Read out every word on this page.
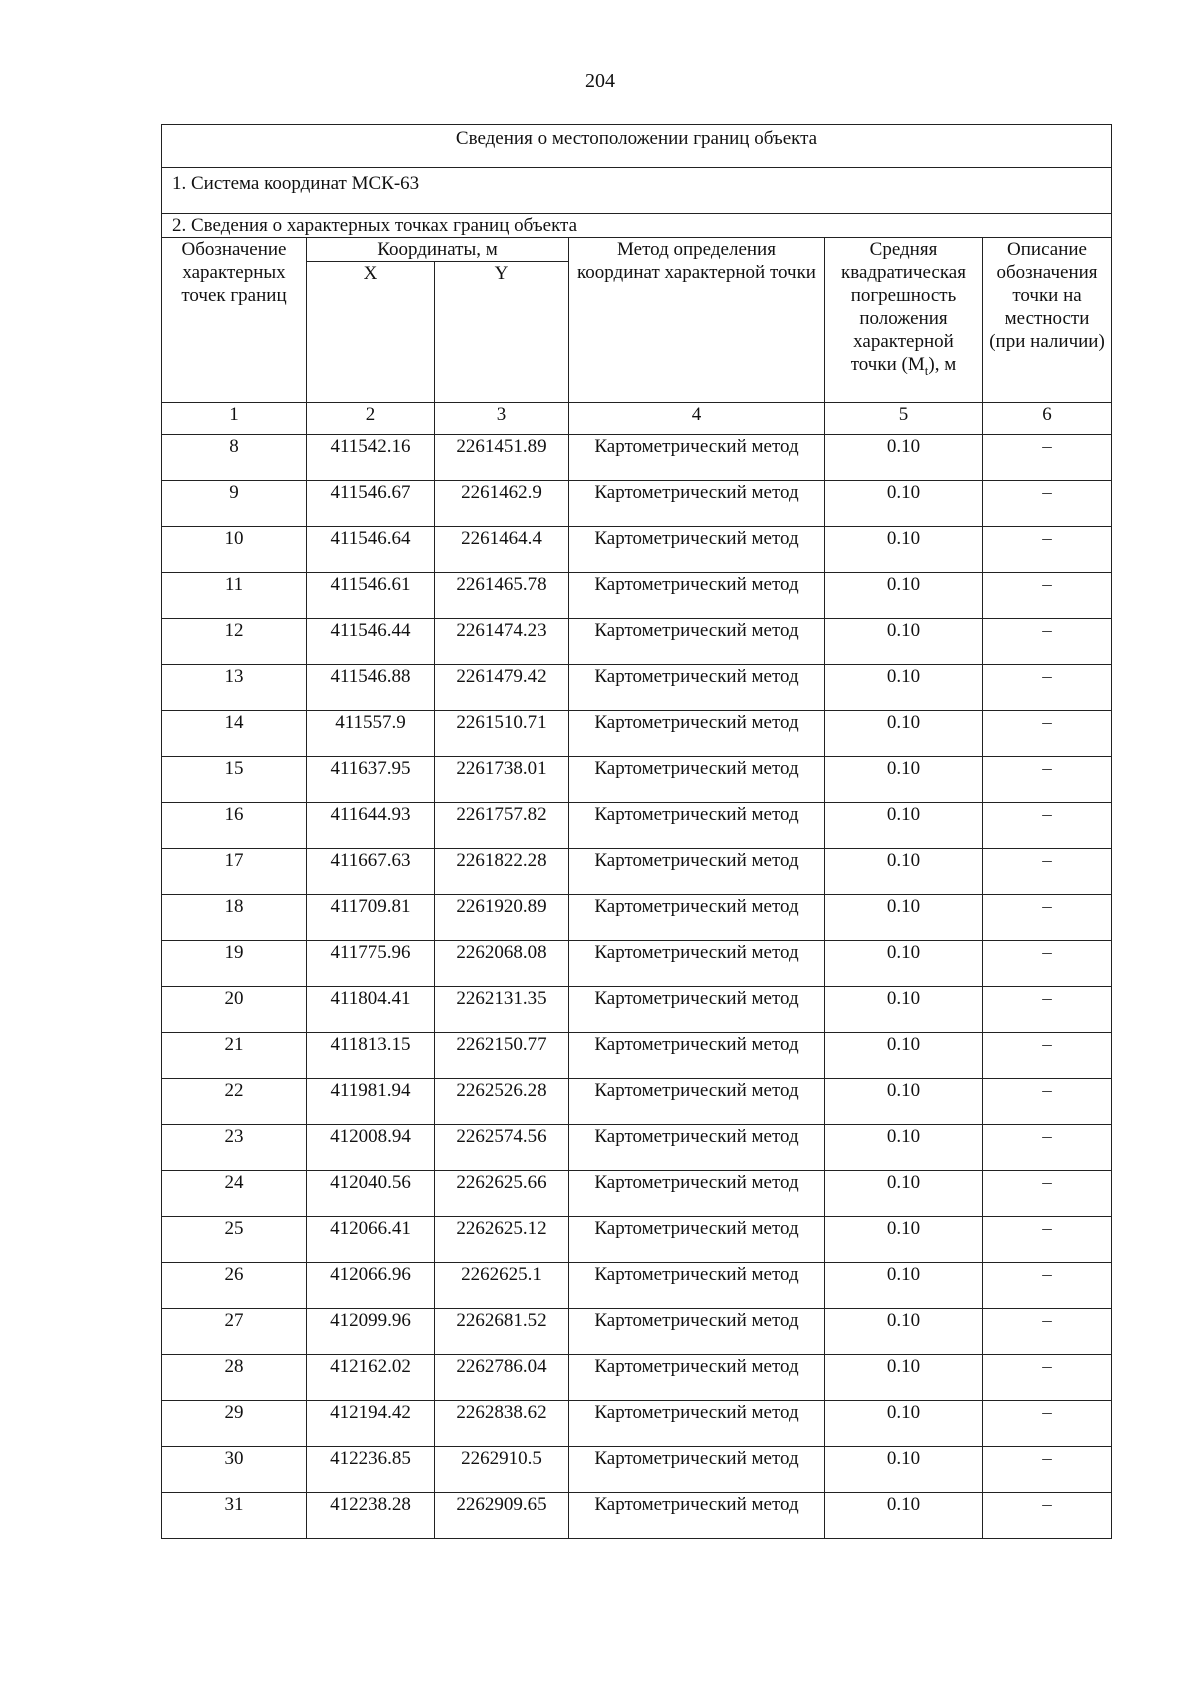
204
Сведения о местоположении границ объекта					
1. Система координат МСК-63					
2. Сведения о характерных точках границ объекта					
Обозначение характерных точек границ	Координаты, м		Метод определения координат характерной точки	Средняя квадратическая погрешность положения характерной точки $(M_t)$, м	Описание обозначения точки на местности (при наличии)
	X	Y			
1	2	3	4	5	6
8	411542.16	2261451.89	Картометрический метод	0.10	–
9	411546.67	2261462.9	Картометрический метод	0.10	–
10	411546.64	2261464.4	Картометрический метод	0.10	–
11	411546.61	2261465.78	Картометрический метод	0.10	–
12	411546.44	2261474.23	Картометрический метод	0.10	–
13	411546.88	2261479.42	Картометрический метод	0.10	–
14	411557.9	2261510.71	Картометрический метод	0.10	–
15	411637.95	2261738.01	Картометрический метод	0.10	–
16	411644.93	2261757.82	Картометрический метод	0.10	–
17	411667.63	2261822.28	Картометрический метод	0.10	–
18	411709.81	2261920.89	Картометрический метод	0.10	–
19	411775.96	2262068.08	Картометрический метод	0.10	–
20	411804.41	2262131.35	Картометрический метод	0.10	–
21	411813.15	2262150.77	Картометрический метод	0.10	–
22	411981.94	2262526.28	Картометрический метод	0.10	–
23	412008.94	2262574.56	Картометрический метод	0.10	–
24	412040.56	2262625.66	Картометрический метод	0.10	–
25	412066.41	2262625.12	Картометрический метод	0.10	–
26	412066.96	2262625.1	Картометрический метод	0.10	–
27	412099.96	2262681.52	Картометрический метод	0.10	–
28	412162.02	2262786.04	Картометрический метод	0.10	–
29	412194.42	2262838.62	Картометрический метод	0.10	–
30	412236.85	2262910.5	Картометрический метод	0.10	–
31	412238.28	2262909.65	Картометрический метод	0.10	–
